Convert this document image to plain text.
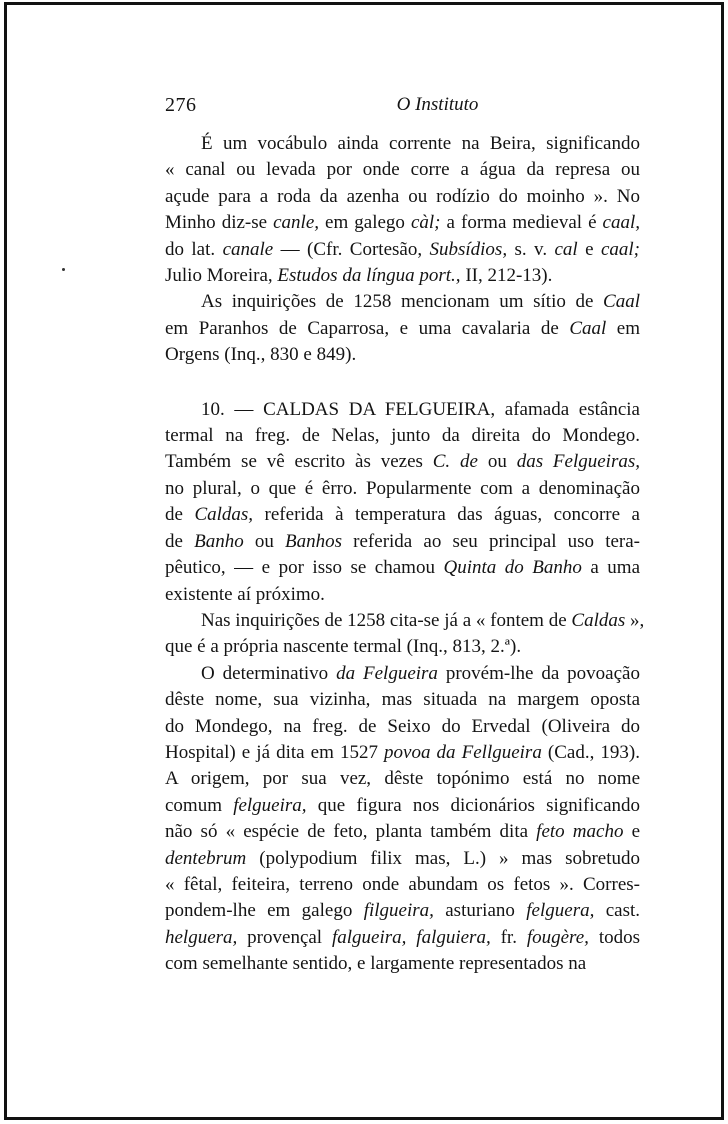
276	O Instituto
É um vocábulo ainda corrente na Beira, significando
« canal ou levada por onde corre a água da represa ou
açude para a roda da azenha ou rodízio do moinho ». No
Minho diz-se canle, em galego càl; a forma medieval é caal,
do lat. canale — (Cfr. Cortesão, Subsídios, s. v. cal e caal;
Julio Moreira, Estudos da língua port., II, 212-13).
As inquirições de 1258 mencionam um sítio de Caal
em Paranhos de Caparrosa, e uma cavalaria de Caal em
Orgens (Inq., 830 e 849).
10. — CALDAS DA FELGUEIRA, afamada estância
termal na freg. de Nelas, junto da direita do Mondego.
Também se vê escrito às vezes C. de ou das Felgueiras,
no plural, o que é êrro. Popularmente com a denominação
de Caldas, referida à temperatura das águas, concorre a
de Banho ou Banhos referida ao seu principal uso tera-
pêutico, — e por isso se chamou Quinta do Banho a uma
existente aí próximo.
Nas inquirições de 1258 cita-se já a « fontem de Caldas »,
que é a própria nascente termal (Inq., 813, 2.ª).
O determinativo da Felgueira provém-lhe da povoação
dêste nome, sua vizinha, mas situada na margem oposta
do Mondego, na freg. de Seixo do Ervedal (Oliveira do
Hospital) e já dita em 1527 povoa da Fellgueira (Cad., 193).
A origem, por sua vez, dêste topónimo está no nome
comum felgueira, que figura nos dicionários significando
não só « espécie de feto, planta também dita feto macho e
dentebrum (polypodium filix mas, L.) » mas sobretudo
« fêtal, feiteira, terreno onde abundam os fetos ». Corres-
pondem-lhe em galego filgueira, asturiano felguera, cast.
helguera, provençal falgueira, falguiera, fr. fougère, todos
com semelhante sentido, e largamente representados na
